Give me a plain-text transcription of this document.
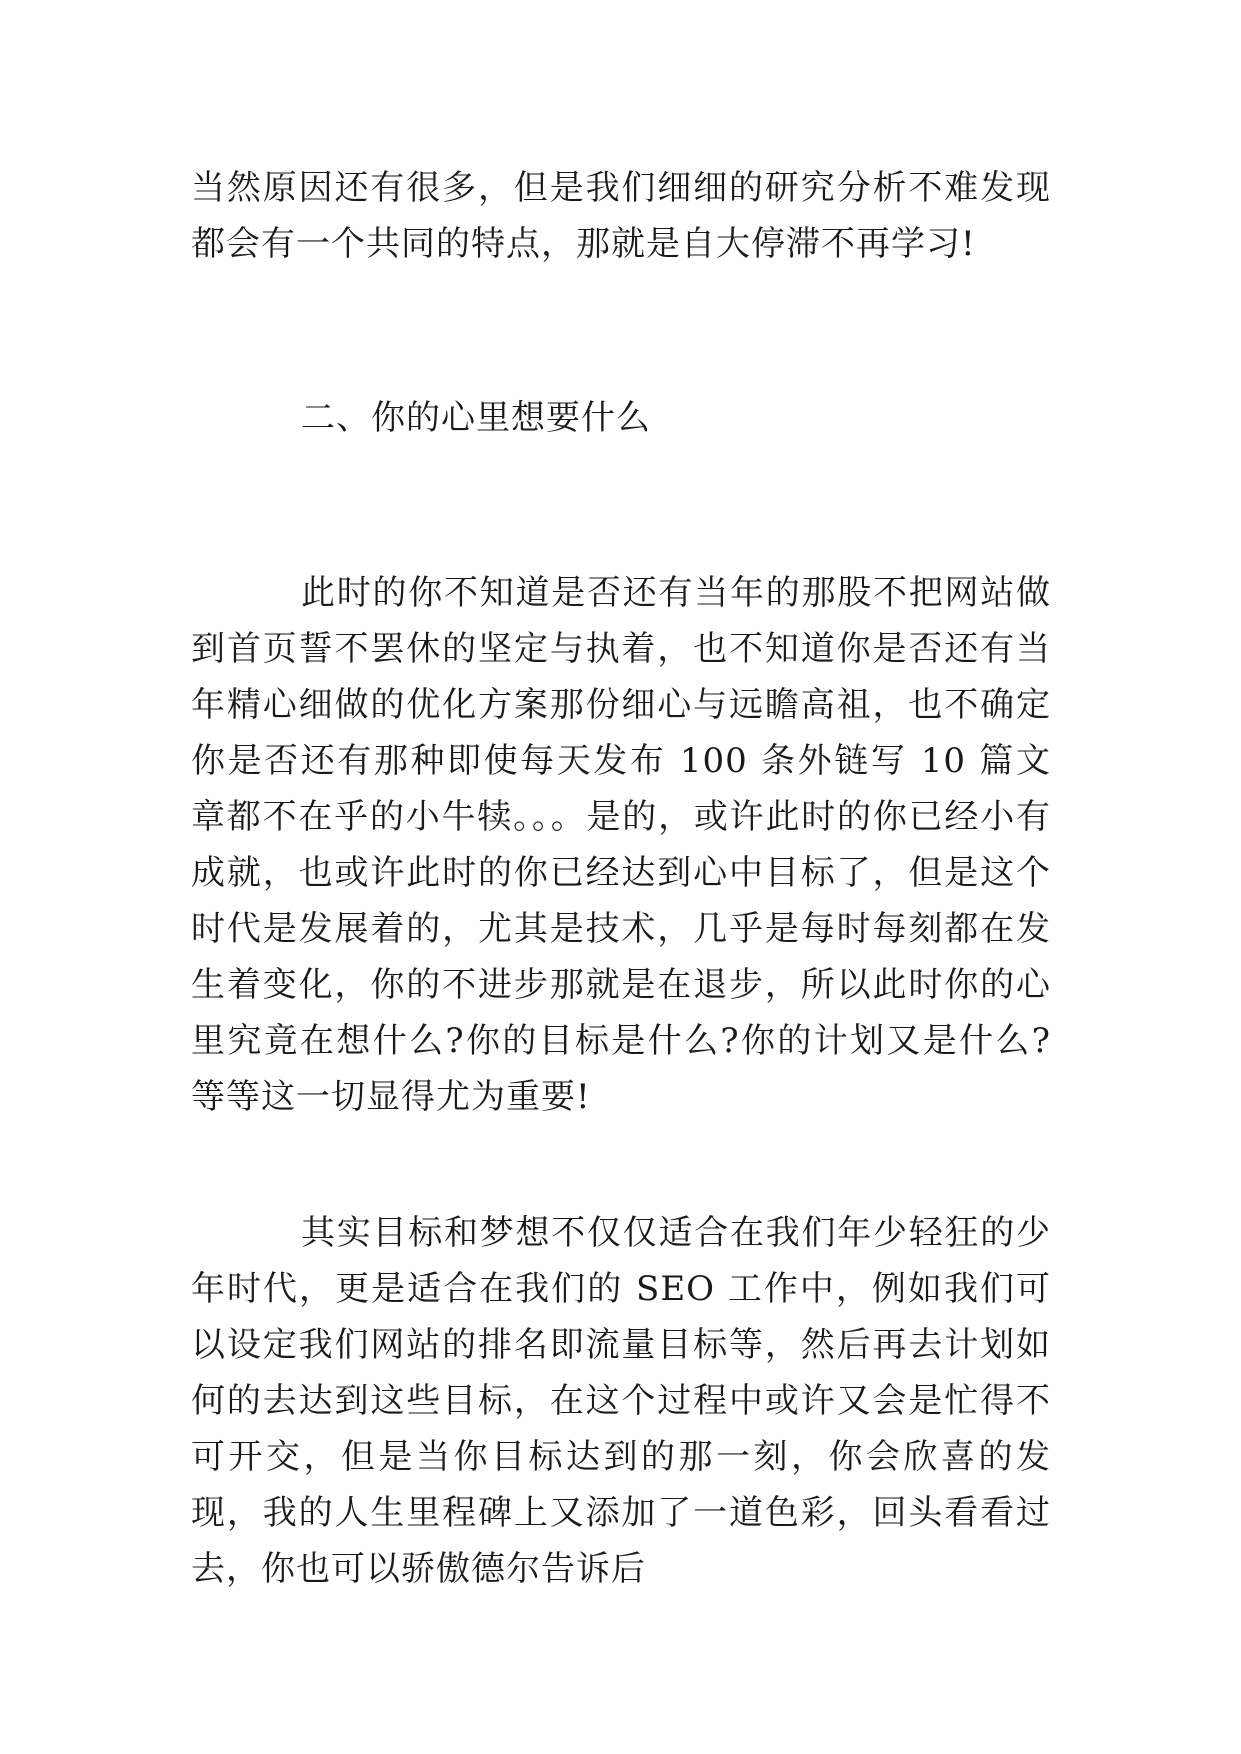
当然原因还有很多，但是我们细细的研究分析不难发现都会有一个共同的特点，那就是自大停滞不再学习!

二、你的心里想要什么

此时的你不知道是否还有当年的那股不把网站做到首页誓不罢休的坚定与执着，也不知道你是否还有当年精心细做的优化方案那份细心与远瞻高祖，也不确定你是否还有那种即使每天发布 100 条外链写 10 篇文章都不在乎的小牛犊。。。是的，或许此时的你已经小有成就，也或许此时的你已经达到心中目标了，但是这个时代是发展着的，尤其是技术，几乎是每时每刻都在发生着变化，你的不进步那就是在退步，所以此时你的心里究竟在想什么?你的目标是什么?你的计划又是什么?等等这一切显得尤为重要!

其实目标和梦想不仅仅适合在我们年少轻狂的少年时代，更是适合在我们的 SEO 工作中，例如我们可以设定我们网站的排名即流量目标等，然后再去计划如何的去达到这些目标，在这个过程中或许又会是忙得不可开交，但是当你目标达到的那一刻，你会欣喜的发现，我的人生里程碑上又添加了一道色彩，回头看看过去，你也可以骄傲德尔告诉后
